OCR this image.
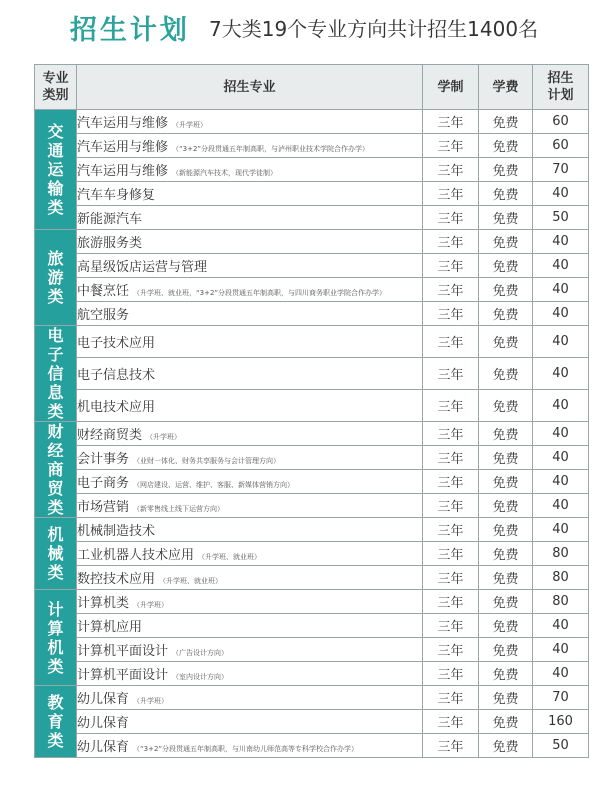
招生计划 7大类19个专业方向共计招生1400名
专业类别	招生专业	学制	学费	招生计划
交通运输类	汽车运用与维修 （升学班）	三年	免费	60
	汽车运用与维修 （“3+2”分段贯通五年制高职，与泸州职业技术学院合作办学）	三年	免费	60
	汽车运用与维修 （新能源汽车技术，现代学徒制）	三年	免费	70
	汽车车身修复	三年	免费	40
	新能源汽车	三年	免费	50
旅游类	旅游服务类	三年	免费	40
	高星级饭店运营与管理	三年	免费	40
	中餐烹饪 （升学班、就业班，“3+2”分段贯通五年制高职，与四川商务职业学院合作办学）	三年	免费	40
	航空服务	三年	免费	40
电子信息类	电子技术应用	三年	免费	40
	电子信息技术	三年	免费	40
	机电技术应用	三年	免费	40
财经商贸类	财经商贸类 （升学班）	三年	免费	40
	会计事务 （业财一体化、财务共享服务与会计管理方向）	三年	免费	40
	电子商务 （网店建设、运营、维护、客服、新媒体营销方向）	三年	免费	40
	市场营销 （新零售线上线下运营方向）	三年	免费	40
机械类	机械制造技术	三年	免费	40
	工业机器人技术应用 （升学班、就业班）	三年	免费	80
	数控技术应用 （升学班、就业班）	三年	免费	80
计算机类	计算机类 （升学班）	三年	免费	80
	计算机应用	三年	免费	40
	计算机平面设计 （广告设计方向）	三年	免费	40
	计算机平面设计 （室内设计方向）	三年	免费	40
教育类	幼儿保育 （升学班）	三年	免费	70
	幼儿保育	三年	免费	160
	幼儿保育 （“3+2”分段贯通五年制高职，与川南幼儿师范高等专科学校合作办学）	三年	免费	50
